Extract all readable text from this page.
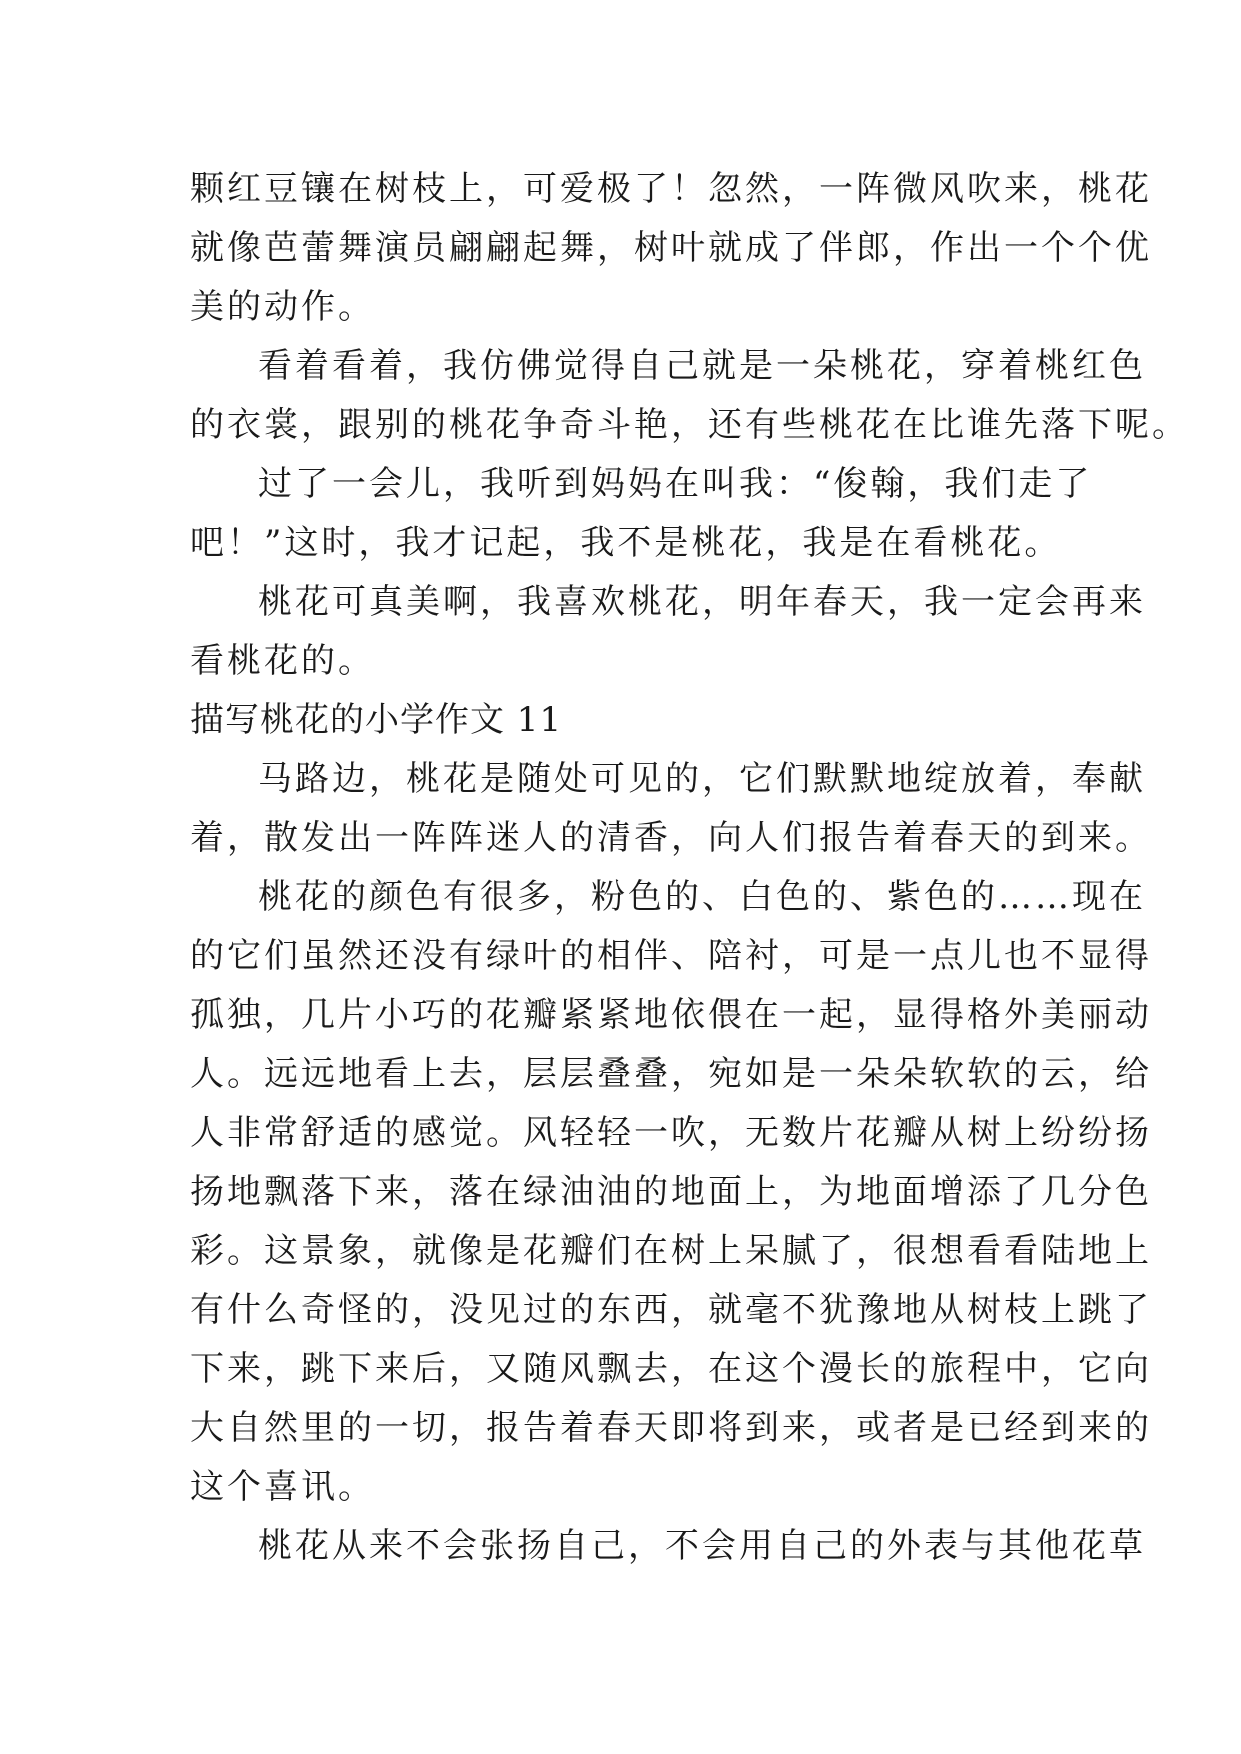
颗红豆镶在树枝上，可爱极了！忽然，一阵微风吹来，桃花
就像芭蕾舞演员翩翩起舞，树叶就成了伴郎，作出一个个优
美的动作。
看着看着，我仿佛觉得自己就是一朵桃花，穿着桃红色
的衣裳，跟别的桃花争奇斗艳，还有些桃花在比谁先落下呢。
过了一会儿，我听到妈妈在叫我：“俊翰，我们走了
吧！”这时，我才记起，我不是桃花，我是在看桃花。
桃花可真美啊，我喜欢桃花，明年春天，我一定会再来
看桃花的。
描写桃花的小学作文 11
马路边，桃花是随处可见的，它们默默地绽放着，奉献
着，散发出一阵阵迷人的清香，向人们报告着春天的到来。
桃花的颜色有很多，粉色的、白色的、紫色的……现在
的它们虽然还没有绿叶的相伴、陪衬，可是一点儿也不显得
孤独，几片小巧的花瓣紧紧地依偎在一起，显得格外美丽动
人。远远地看上去，层层叠叠，宛如是一朵朵软软的云，给
人非常舒适的感觉。风轻轻一吹，无数片花瓣从树上纷纷扬
扬地飘落下来，落在绿油油的地面上，为地面增添了几分色
彩。这景象，就像是花瓣们在树上呆腻了，很想看看陆地上
有什么奇怪的，没见过的东西，就毫不犹豫地从树枝上跳了
下来，跳下来后，又随风飘去，在这个漫长的旅程中，它向
大自然里的一切，报告着春天即将到来，或者是已经到来的
这个喜讯。
桃花从来不会张扬自己，不会用自己的外表与其他花草
